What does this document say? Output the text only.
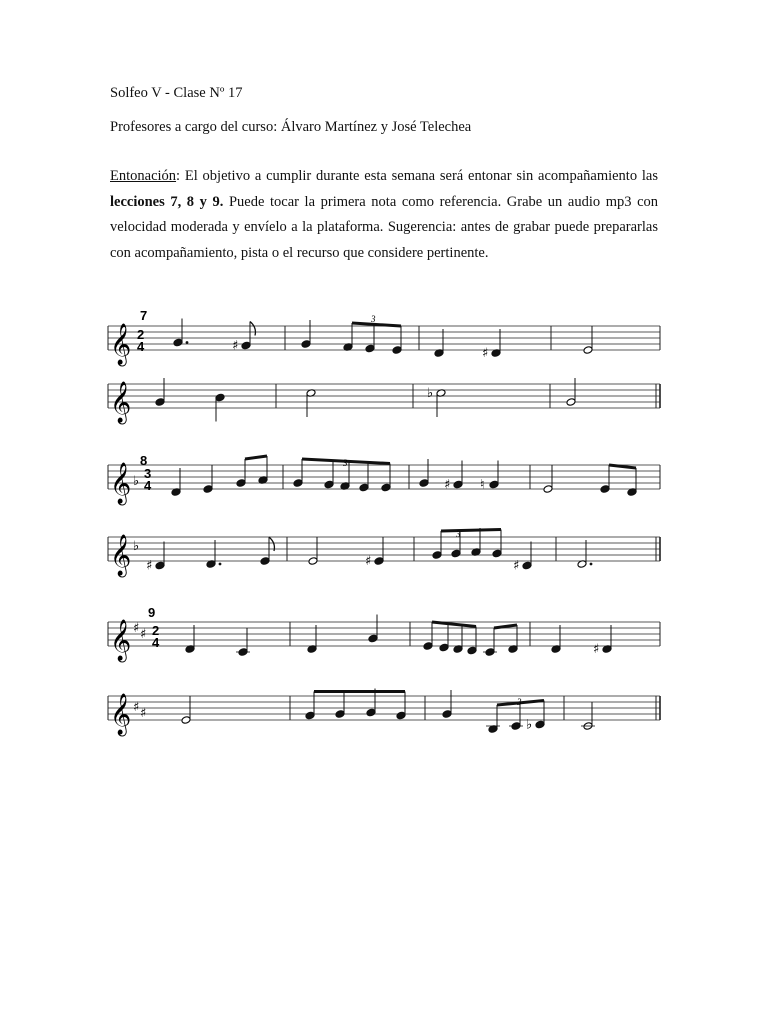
Solfeo V - Clase Nº 17
Profesores a cargo del curso: Álvaro Martínez y José Telechea

Entonación: El objetivo a cumplir durante esta semana será entonar sin acompañamiento las lecciones 7, 8 y 9. Puede tocar la primera nota como referencia. Grabe un audio mp3 con velocidad moderada y envíelo a la plataforma. Sugerencia: antes de grabar puede prepararlas con acompañamiento, pista o el recurso que considere pertinente.

𝄞
𝄞
𝄞
𝄞
𝄞
𝄞
♯	♯
♭
♯ ♮
♯	♯	♯
♯
♭
7
8
9
2
4
3
4
2
4
♭
♭
♯ ♯
♯ ♯
3
3
3
3
